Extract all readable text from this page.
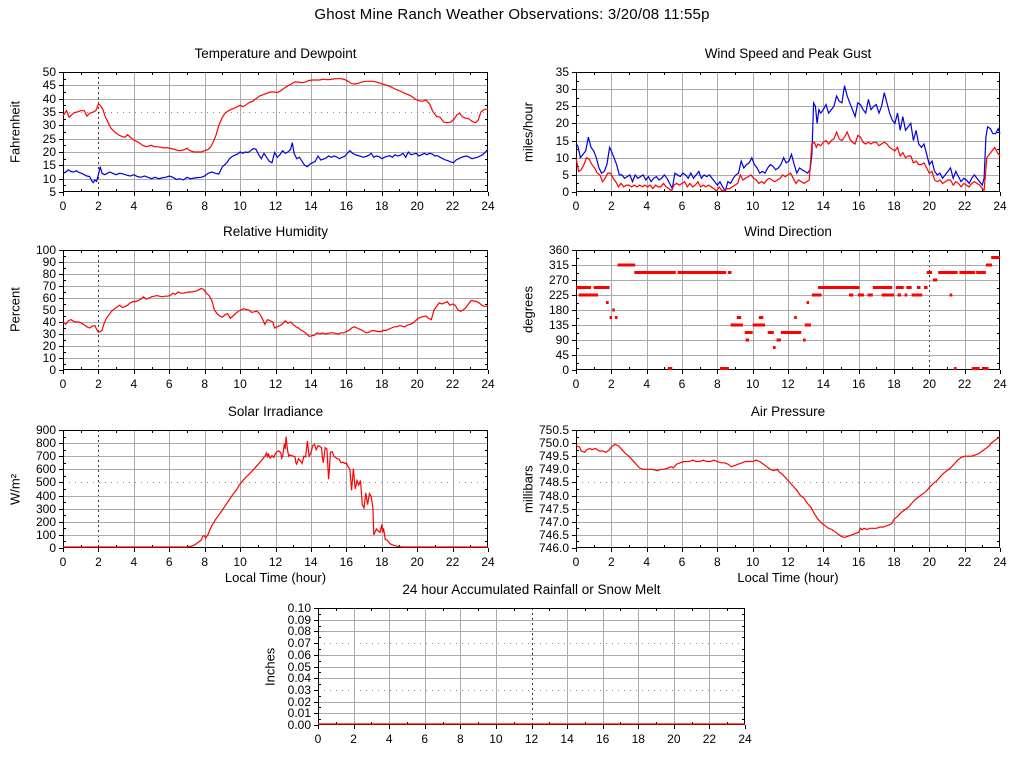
Ghost Mine Ranch Weather Observations: 3/20/08 11:55p
Temperature and Dewpoint
Fahrenheit
5
10
15
20
25
30
35
40
45
50
0	2	4	6	8	10	12	14	16	18	20	22	24
Wind Speed and Peak Gust
miles/hour
0
5
10
15
20
25
30
35
0	2	4	6	8	10	12	14	16	18	20	22	24
Relative Humidity
Percent
0
10
20
30
40
50
60
70
80
90
100
0	2	4	6	8	10	12	14	16	18	20	22	24
Wind Direction
degrees
0
45
90
135
180
225
270
315
360
0	2	4	6	8	10	12	14	16	18	20	22	24
Solar Irradiance
W/m²
0
100
200
300
400
500
600
700
800
900
0	2	4	6	8	10	12	14	16	18	20	22	24
Local Time (hour)
Air Pressure
millibars
746.0
746.5
747.0
747.5
748.0
748.5
749.0
749.5
750.0
750.5
0	2	4	6	8	10	12	14	16	18	20	22	24
Local Time (hour)
24 hour Accumulated Rainfall or Snow Melt
Inches
0.00
0.01
0.02
0.03
0.04
0.05
0.06
0.07
0.08
0.09
0.10
0	2	4	6	8	10	12	14	16	18	20	22	24
